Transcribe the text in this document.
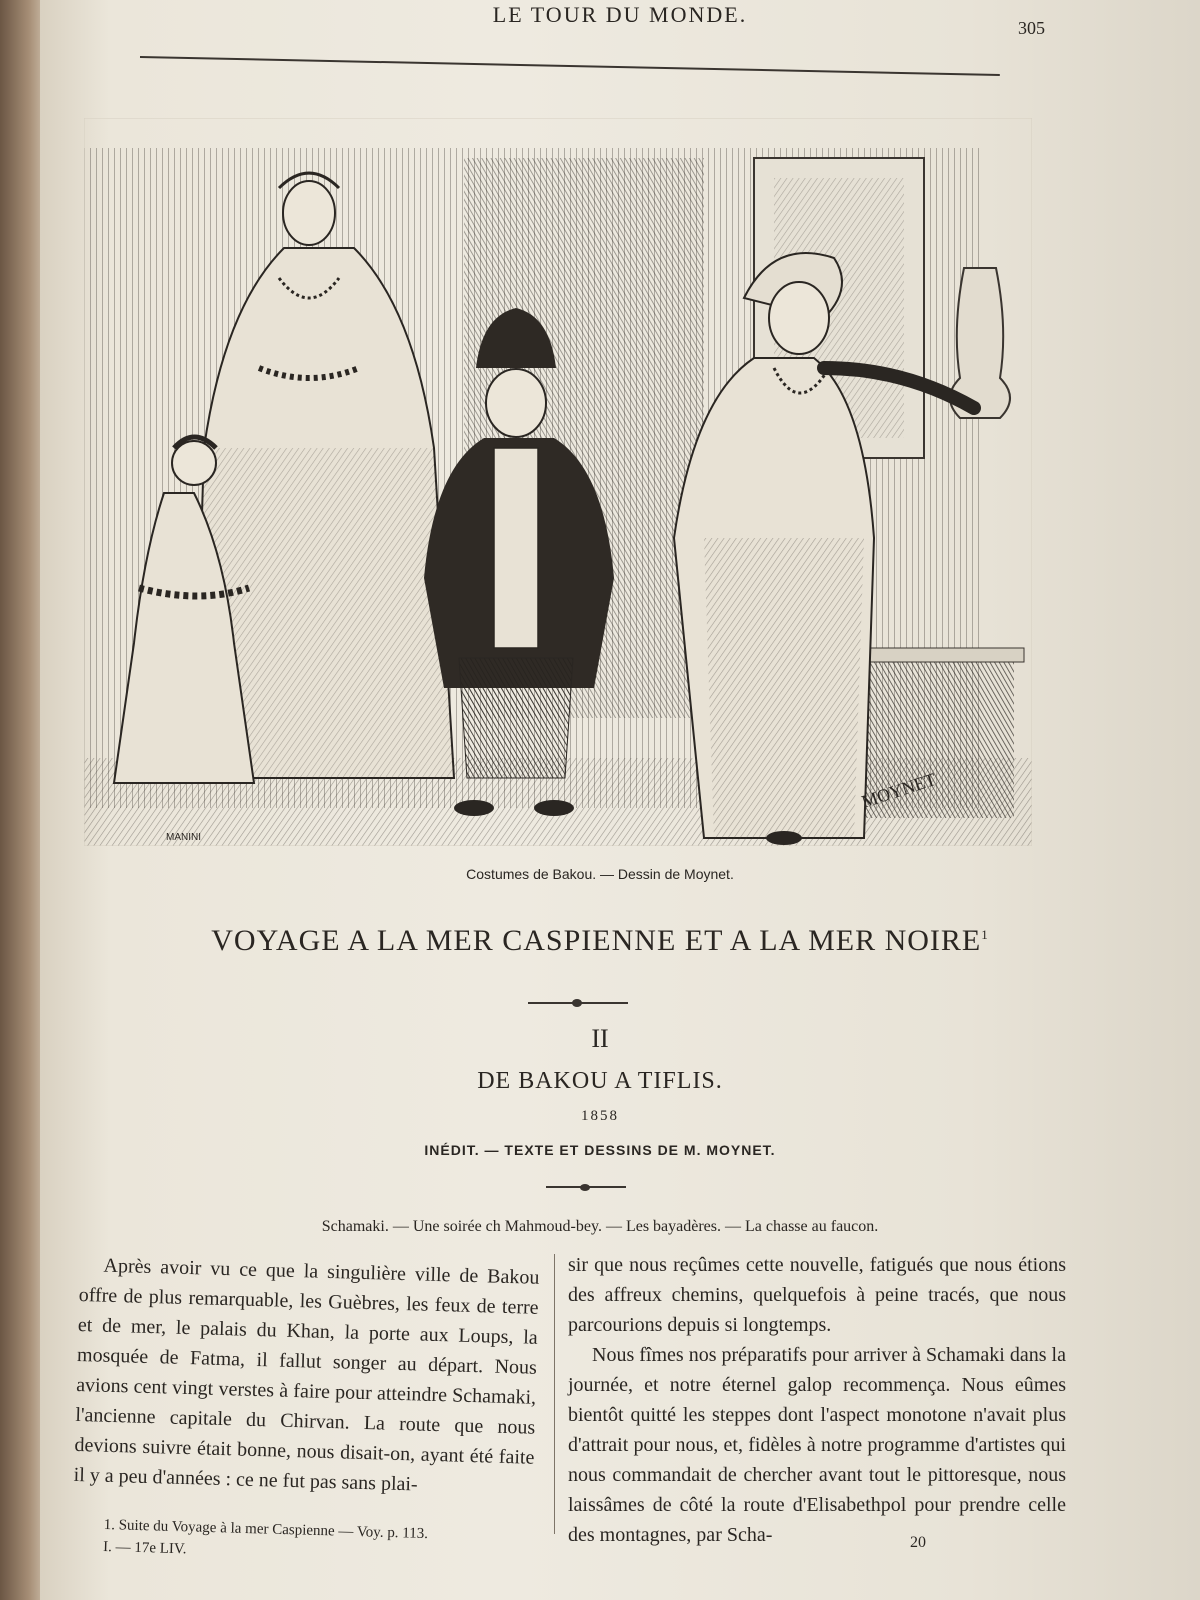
LE TOUR DU MONDE.
305
MANINI
MOYNET
Costumes de Bakou. — Dessin de Moynet.
VOYAGE A LA MER CASPIENNE ET A LA MER NOIRE$^1$
II
DE BAKOU A TIFLIS.
1858
INÉDIT. — TEXTE ET DESSINS DE M. MOYNET.
Schamaki. — Une soirée ch Mahmoud-bey. — Les bayadères. — La chasse au faucon.

Après avoir vu ce que la singulière ville de Bakou offre de plus remarquable, les Guèbres, les feux de terre et de mer, le palais du Khan, la porte aux Loups, la mosquée de Fatma, il fallut songer au départ. Nous avions cent vingt verstes à faire pour atteindre Schamaki, l'ancienne capitale du Chirvan. La route que nous devions suivre était bonne, nous disait-on, ayant été faite il y a peu d'années : ce ne fut pas sans plai-

sir que nous reçûmes cette nouvelle, fatigués que nous étions des affreux chemins, quelquefois à peine tracés, que nous parcourions depuis si longtemps.

Nous fîmes nos préparatifs pour arriver à Schamaki dans la journée, et notre éternel galop recommença. Nous eûmes bientôt quitté les steppes dont l'aspect monotone n'avait plus d'attrait pour nous, et, fidèles à notre programme d'artistes qui nous commandait de chercher avant tout le pittoresque, nous laissâmes de côté la route d'Elisabethpol pour prendre celle des montagnes, par Scha-

1. Suite du Voyage à la mer Caspienne — Voy. p. 113.
I. — 17e LIV.	20
